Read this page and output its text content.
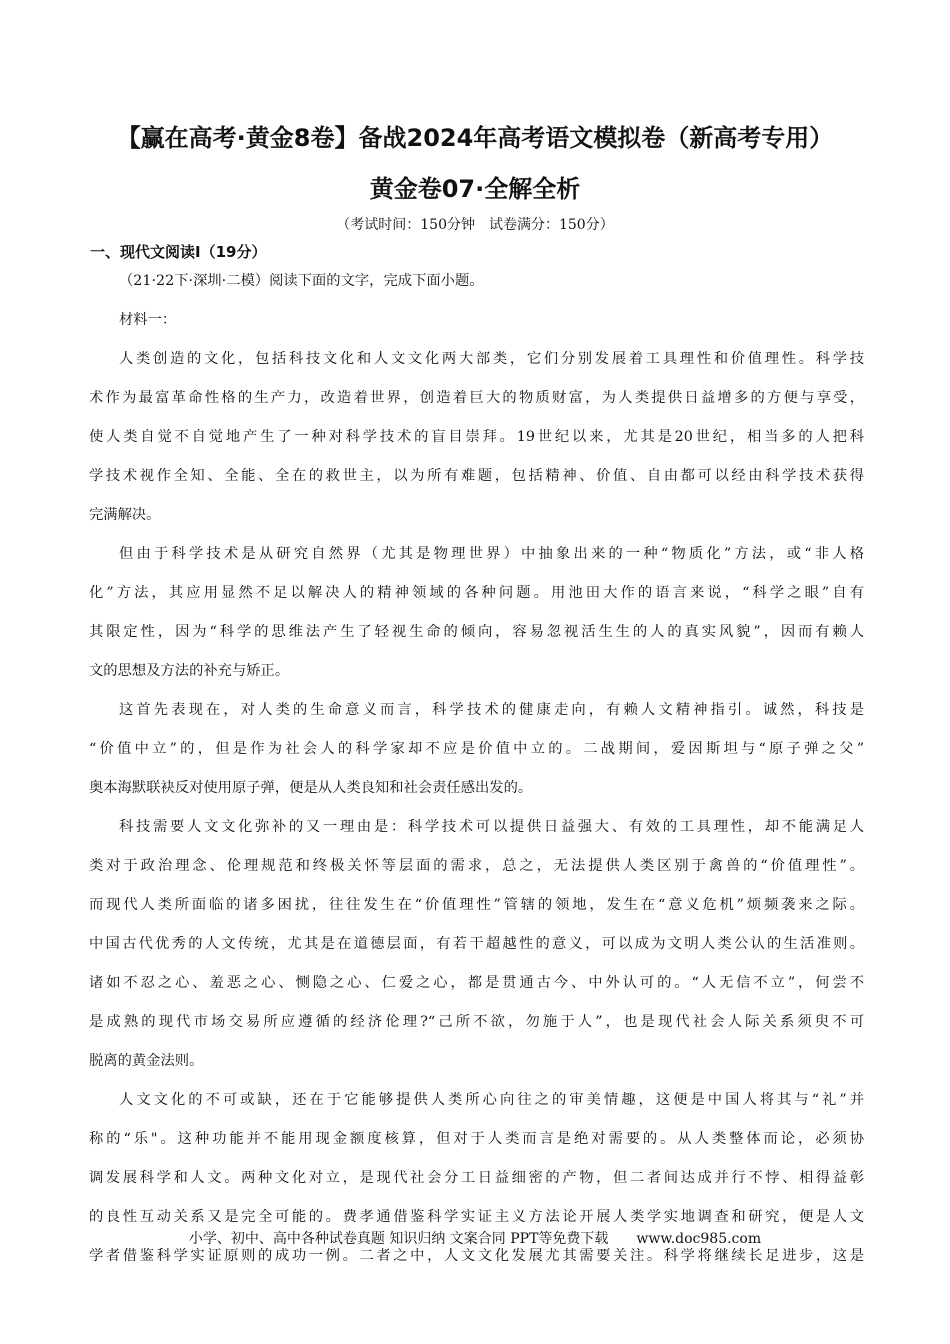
【赢在高考·黄金8卷】备战2024年高考语文模拟卷（新高考专用）
黄金卷07·全解全析
（考试时间：150分钟　试卷满分：150分）
一、现代文阅读Ⅰ（19分）
（21·22下·深圳·二模）阅读下面的文字，完成下面小题。
材料一：
人类创造的文化，包括科技文化和人文文化两大部类，它们分别发展着工具理性和价值理性。科学技
术作为最富革命性格的生产力，改造着世界，创造着巨大的物质财富，为人类提供日益增多的方便与享受，
使人类自觉不自觉地产生了一种对科学技术的盲目崇拜。19世纪以来，尤其是20世纪，相当多的人把科
学技术视作全知、全能、全在的救世主，以为所有难题，包括精神、价值、自由都可以经由科学技术获得
完满解决。
但由于科学技术是从研究自然界（尤其是物理世界）中抽象出来的一种“物质化”方法，或“非人格
化”方法，其应用显然不足以解决人的精神领域的各种问题。用池田大作的语言来说，“科学之眼”自有
其限定性，因为“科学的思维法产生了轻视生命的倾向，容易忽视活生生的人的真实风貌”，因而有赖人
文的思想及方法的补充与矫正。
这首先表现在，对人类的生命意义而言，科学技术的健康走向，有赖人文精神指引。诚然，科技是
“价值中立”的，但是作为社会人的科学家却不应是价值中立的。二战期间，爱因斯坦与“原子弹之父”
奥本海默联袂反对使用原子弹，便是从人类良知和社会责任感出发的。
科技需要人文文化弥补的又一理由是：科学技术可以提供日益强大、有效的工具理性，却不能满足人
类对于政治理念、伦理规范和终极关怀等层面的需求，总之，无法提供人类区别于禽兽的“价值理性”。
而现代人类所面临的诸多困扰，往往发生在“价值理性”管辖的领地，发生在“意义危机”烦频袭来之际。
中国古代优秀的人文传统，尤其是在道德层面，有若干超越性的意义，可以成为文明人类公认的生活准则。
诸如不忍之心、羞恶之心、恻隐之心、仁爱之心，都是贯通古今、中外认可的。“人无信不立”，何尝不
是成熟的现代市场交易所应遵循的经济伦理?“己所不欲，勿施于人”，也是现代社会人际关系须臾不可
脱离的黄金法则。
人文文化的不可或缺，还在于它能够提供人类所心向往之的审美情趣，这便是中国人将其与“礼”并
称的“乐"。这种功能并不能用现金额度核算，但对于人类而言是绝对需要的。从人类整体而论，必须协
调发展科学和人文。两种文化对立，是现代社会分工日益细密的产物，但二者间达成并行不悖、相得益彰
的良性互动关系又是完全可能的。费孝通借鉴科学实证主义方法论开展人类学实地调查和研究，便是人文
学者借鉴科学实证原则的成功一例。二者之中，人文文化发展尤其需要关注。科学将继续长足进步，这是
小学、初中、高中各种试卷真题 知识归纳 文案合同 PPT等免费下载　　www.doc985.com
